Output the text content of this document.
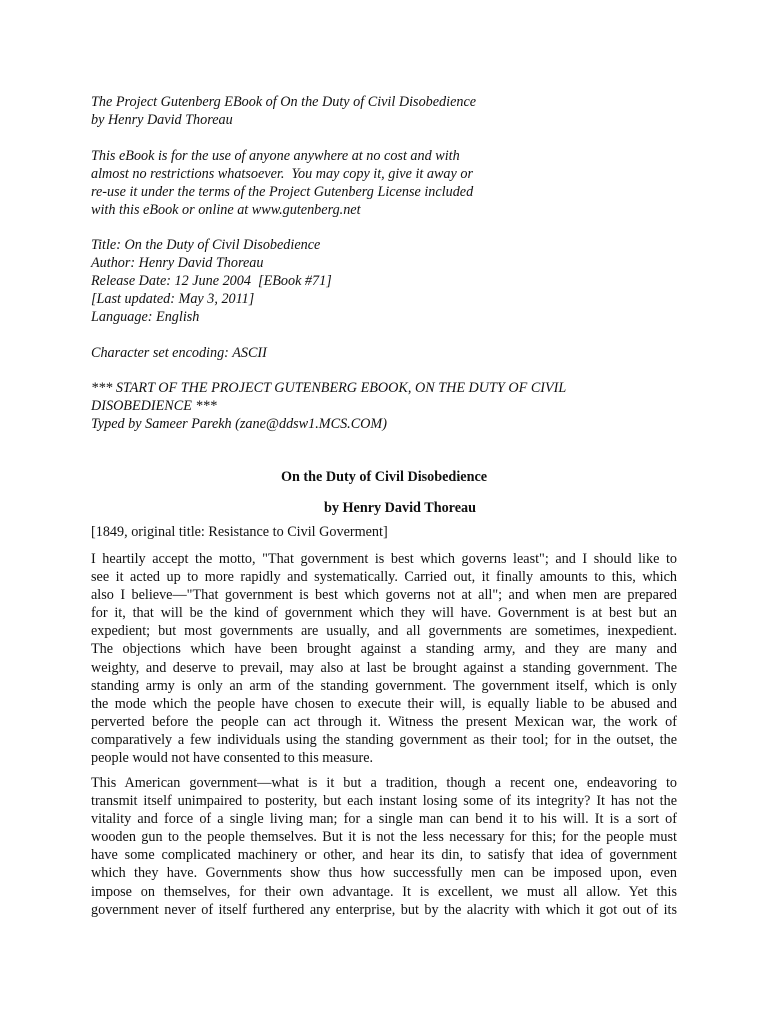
The Project Gutenberg EBook of On the Duty of Civil Disobedience
by Henry David Thoreau
This eBook is for the use of anyone anywhere at no cost and with
almost no restrictions whatsoever.  You may copy it, give it away or
re-use it under the terms of the Project Gutenberg License included
with this eBook or online at www.gutenberg.net
Title: On the Duty of Civil Disobedience
Author: Henry David Thoreau
Release Date: 12 June 2004  [EBook #71]
[Last updated: May 3, 2011]
Language: English
Character set encoding: ASCII
*** START OF THE PROJECT GUTENBERG EBOOK, ON THE DUTY OF CIVIL
DISOBEDIENCE ***
Typed by Sameer Parekh (zane@ddsw1.MCS.COM)
On the Duty of Civil Disobedience
by Henry David Thoreau
[1849, original title: Resistance to Civil Goverment]
I heartily accept the motto, "That government is best which governs least"; and I should like to
see it acted up to more rapidly and systematically. Carried out, it finally amounts to this, which
also I believe—"That government is best which governs not at all"; and when men are prepared
for it, that will be the kind of government which they will have. Government is at best but an
expedient; but most governments are usually, and all governments are sometimes, inexpedient.
The objections which have been brought against a standing army, and they are many and
weighty, and deserve to prevail, may also at last be brought against a standing government. The
standing army is only an arm of the standing government. The government itself, which is only
the mode which the people have chosen to execute their will, is equally liable to be abused and
perverted before the people can act through it. Witness the present Mexican war, the work of
comparatively a few individuals using the standing government as their tool; for in the outset, the
people would not have consented to this measure.
This American government—what is it but a tradition, though a recent one, endeavoring to
transmit itself unimpaired to posterity, but each instant losing some of its integrity? It has not the
vitality and force of a single living man; for a single man can bend it to his will. It is a sort of
wooden gun to the people themselves. But it is not the less necessary for this; for the people must
have some complicated machinery or other, and hear its din, to satisfy that idea of government
which they have. Governments show thus how successfully men can be imposed upon, even
impose on themselves, for their own advantage. It is excellent, we must all allow. Yet this
government never of itself furthered any enterprise, but by the alacrity with which it got out of its
